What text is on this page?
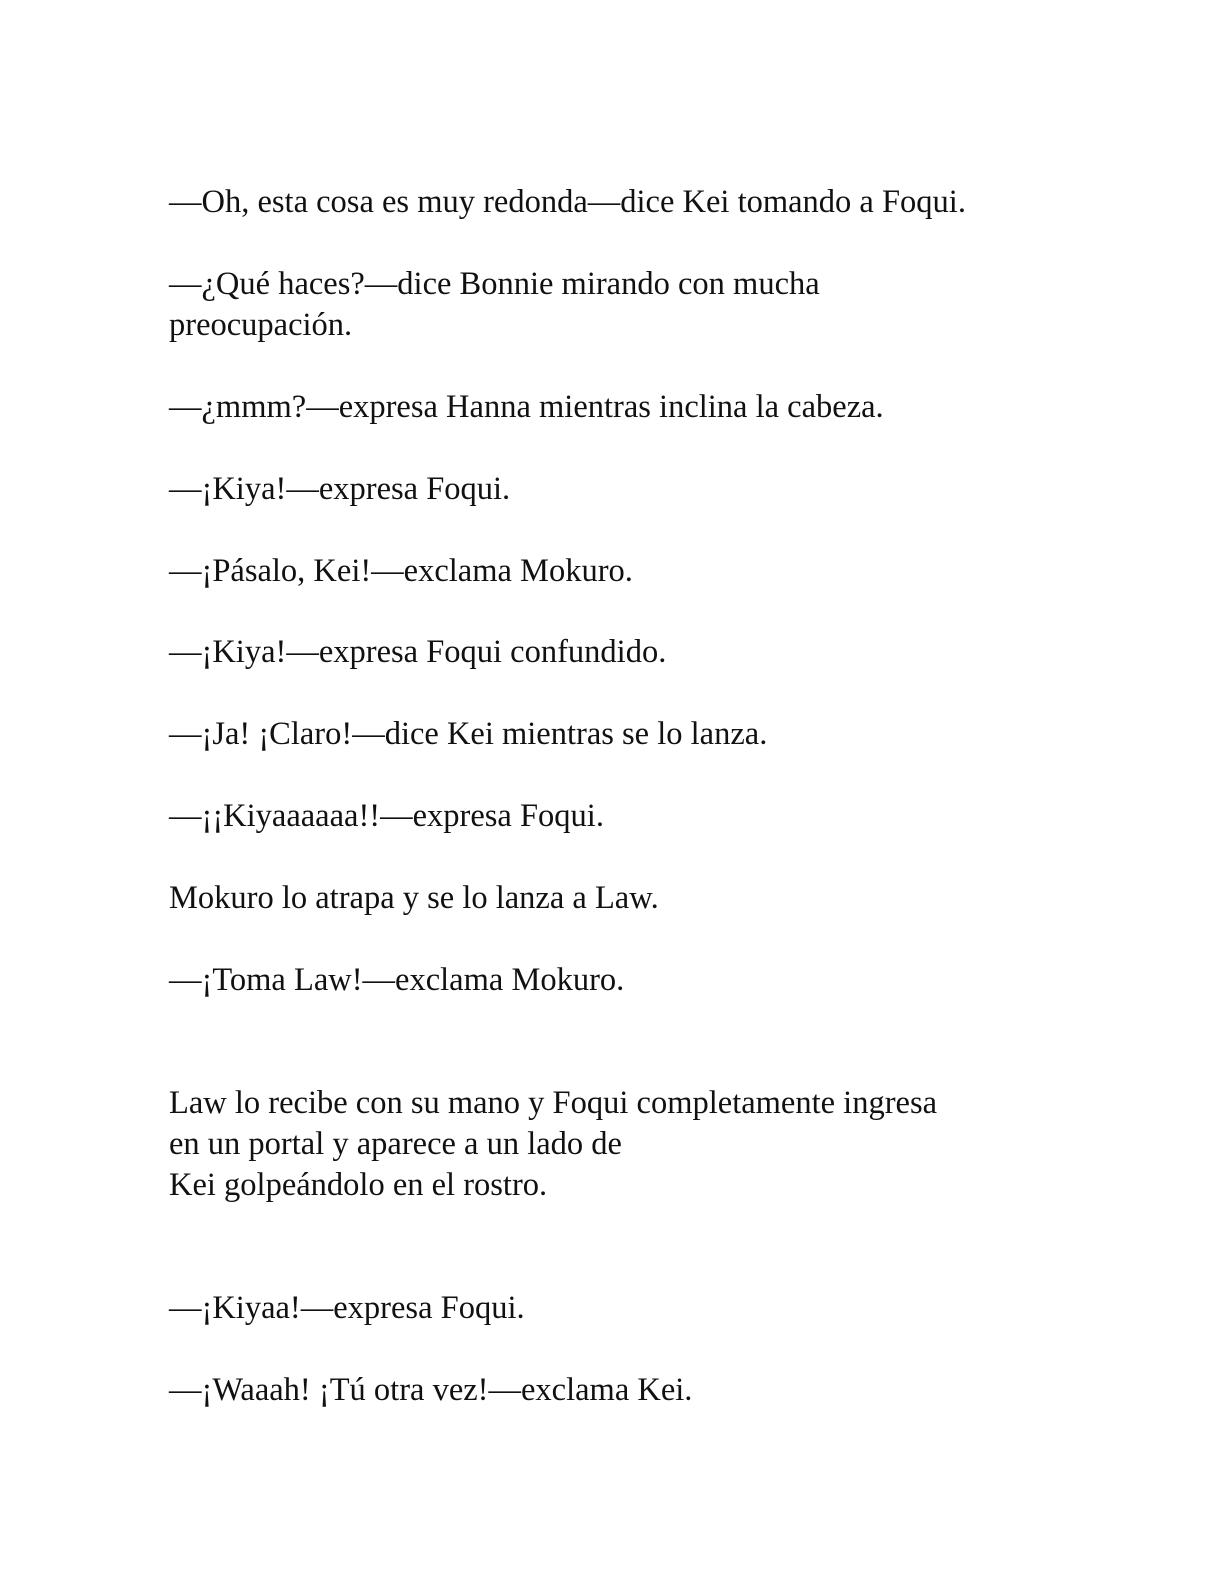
—Oh, esta cosa es muy redonda—dice Kei tomando a Foqui.
—¿Qué haces?—dice Bonnie mirando con mucha
preocupación.
—¿mmm?—expresa Hanna mientras inclina la cabeza.
—¡Kiya!—expresa Foqui.
—¡Pásalo, Kei!—exclama Mokuro.
—¡Kiya!—expresa Foqui confundido.
—¡Ja! ¡Claro!—dice Kei mientras se lo lanza.
—¡¡Kiyaaaaaa!!—expresa Foqui.
Mokuro lo atrapa y se lo lanza a Law.
—¡Toma Law!—exclama Mokuro.
Law lo recibe con su mano y Foqui completamente ingresa
en un portal y aparece a un lado de
Kei golpeándolo en el rostro.
—¡Kiyaa!—expresa Foqui.
—¡Waaah! ¡Tú otra vez!—exclama Kei.
